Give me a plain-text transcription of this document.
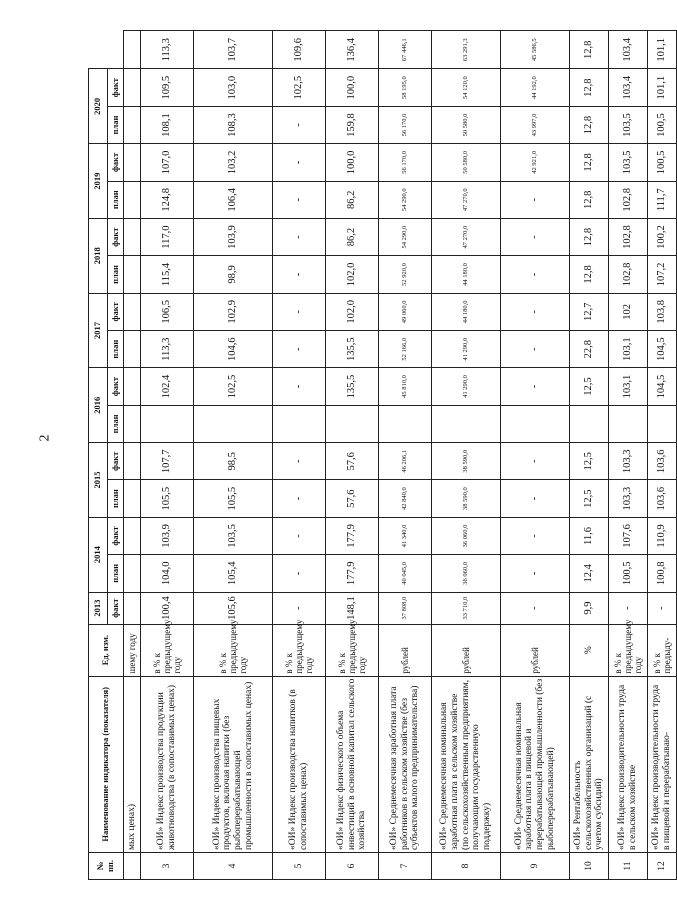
2
№ пп.	Наименование индикатора (показателя)	Ед. изм.	2013	2014		2015		2016		2017		2018		2019		2020		
			факт	план	факт	план	факт	план	факт	план	факт	план	факт	план	факт	план	факт	
	мых ценах)	шему году																
3	«ОИ» Индекс производства продукции животноводства (в сопоставимых ценах)	в % к предыдущему году	100,4	104,0	103,9	105,5	107,7		102,4	113,3	106,5	115,4	117,0	124,8	107,0	108,1	109,5	113,3
4	«ОИ» Индекс производства пищевых продуктов, включая напитки (без рыбоперерабатывающей промышленности в сопоставимых ценах)	в % к предыдущему году	105,6	105,4	103,5	105,5	98,5		102,5	104,6	102,9	98,9	103,9	106,4	103,2	108,3	103,0	103,7
5	«ОИ» Индекс производства напитков (в сопоставимых ценах)	в % к предыдущему году	-	-	-	-	-		-	-	-	-	-	-	-	-	102,5	109,6
6	«ОИ» Индекс физического объема инвестиций в основной капитал сельского хозяйства	в % к предыдущему году	148,1	177,9	177,9	57,6	57,6		135,5	135,5	102,0	102,0	86,2	86,2	100,0	159,8	100,0	136,4
7	«ОИ» Среднемесячная заработная плата работников в сельском хозяйстве (без субъектов малого предпринимательства)	рублей	37 808,0	40 045,0	41 340,0	42 840,0	46 206,1		45 810,0	52 166,0	49 060,0	52 920,0	54 290,0	54 290,0	56 170,0	56 170,0	58 195,0	67 446,1
8	«ОИ» Среднемесячная номинальная заработная плата в сельском хозяйстве (по сельскохозяйственным предприятиям, получающим государственную поддержку)	рублей	33 710,0	36 060,0	36 060,0	38 590,0	38 590,0		41 290,0	41 290,0	44 180,0	44 180,0	47 270,0	47 270,0	50 580,0	50 580,0	54 120,0	63 291,3
9	«ОИ» Среднемесячная номинальная заработная плата в пищевой и перерабатывающей промышленности (без рыбоперерабатывающей)	рублей	-	-	-	-	-		-	-	-	-	-	-	42 921,0	43 997,0	44 192,0	45 586,5
10	«ОИ» Рентабельность сельскохозяйственных организаций (с учетом субсидий)	%	9,9	12,4	11,6	12,5	12,5		12,5	22,8	12,7	12,8	12,8	12,8	12,8	12,8	12,8	12,8
11	«ОИ» Индекс производительности труда в сельском хозяйстве	в % к предыдущему году	-	100,5	107,6	103,3	103,3		103,1	103,1	102	102,8	102,8	102,8	103,5	103,5	103,4	103,4
12	«ОИ» Индекс производительности труда в пищевой и перерабатываю-	в % к предыду-	-	100,8	110,9	103,6	103,6		104,5	104,5	103,8	107,2	100,2	111,7	100,5	100,5	101,1	101,1
